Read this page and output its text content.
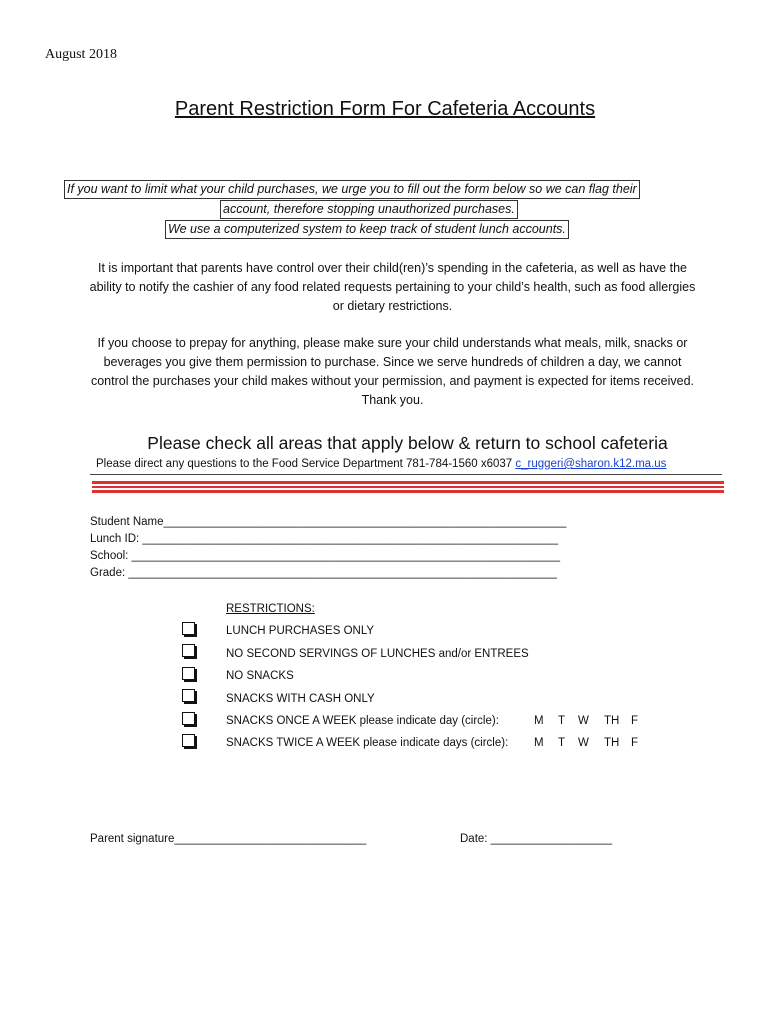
August 2018
Parent Restriction Form For Cafeteria Accounts
If you want to limit what your child purchases, we urge you to fill out the form below so we can flag their
account, therefore stopping unauthorized purchases.
We use a computerized system to keep track of student lunch accounts.
It is important that parents have control over their child(ren)’s spending in the cafeteria, as well as have the ability to notify the cashier of any food related requests pertaining to your child’s health, such as food allergies or dietary restrictions.
If you choose to prepay for anything, please make sure your child understands what meals, milk, snacks or beverages you give them permission to purchase. Since we serve hundreds of children a day, we cannot control the purchases your child makes without your permission, and payment is expected for items received. Thank you.
Please check all areas that apply below & return to school cafeteria
Please direct any questions to the Food Service Department 781-784-1560 x6037 c_ruggeri@sharon.k12.ma.us
Student Name_______________________________________________________________
Lunch ID: _________________________________________________________________
School: ___________________________________________________________________
Grade: ___________________________________________________________________
RESTRICTIONS:
LUNCH PURCHASES ONLY
NO SECOND SERVINGS OF LUNCHES and/or ENTREES
NO SNACKS
SNACKS WITH CASH ONLY
SNACKS ONCE A WEEK please indicate day (circle):	M T W TH F
SNACKS TWICE A WEEK please indicate days (circle): M T W TH F
Parent signature______________________________	Date: ___________________
